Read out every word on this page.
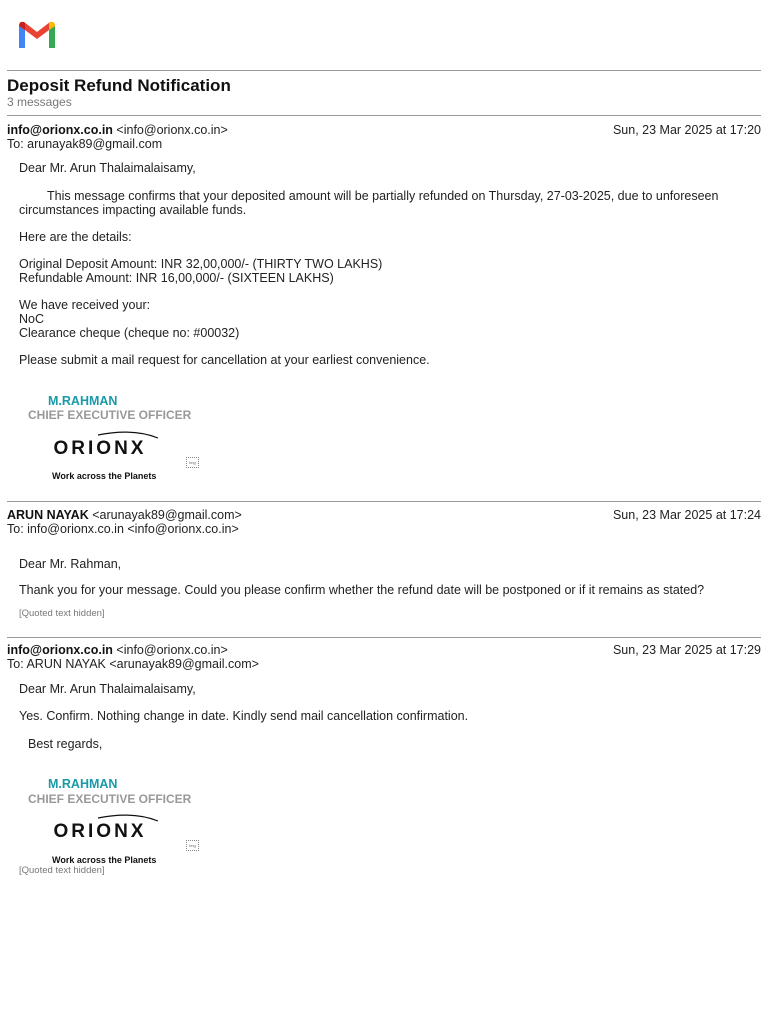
Deposit Refund Notification
3 messages
info@orionx.co.in <info@orionx.co.in>
To: arunayak89@gmail.com
Sun, 23 Mar 2025 at 17:20
Dear Mr. Arun Thalaimalaisamy,
This message confirms that your deposited amount will be partially refunded on Thursday, 27-03-2025, due to unforeseen
circumstances impacting available funds.
Here are the details:
Original Deposit Amount: INR 32,00,000/- (THIRTY TWO LAKHS)
Refundable Amount: INR 16,00,000/- (SIXTEEN LAKHS)
We have received your:
NoC
Clearance cheque (cheque no: #00032)
Please submit a mail request for cancellation at your earliest convenience.
M.RAHMAN
CHIEF EXECUTIVE OFFICER
ORIONX
img
Work across the Planets
ARUN NAYAK <arunayak89@gmail.com>
To: info@orionx.co.in <info@orionx.co.in>
Sun, 23 Mar 2025 at 17:24
Dear Mr. Rahman,
Thank you for your message. Could you please confirm whether the refund date will be postponed or if it remains as stated?
[Quoted text hidden]
info@orionx.co.in <info@orionx.co.in>
To: ARUN NAYAK <arunayak89@gmail.com>
Sun, 23 Mar 2025 at 17:29
Dear Mr. Arun Thalaimalaisamy,
Yes. Confirm. Nothing change in date. Kindly send mail cancellation confirmation.
Best regards,
M.RAHMAN
CHIEF EXECUTIVE OFFICER
ORIONX
img
Work across the Planets
[Quoted text hidden]
